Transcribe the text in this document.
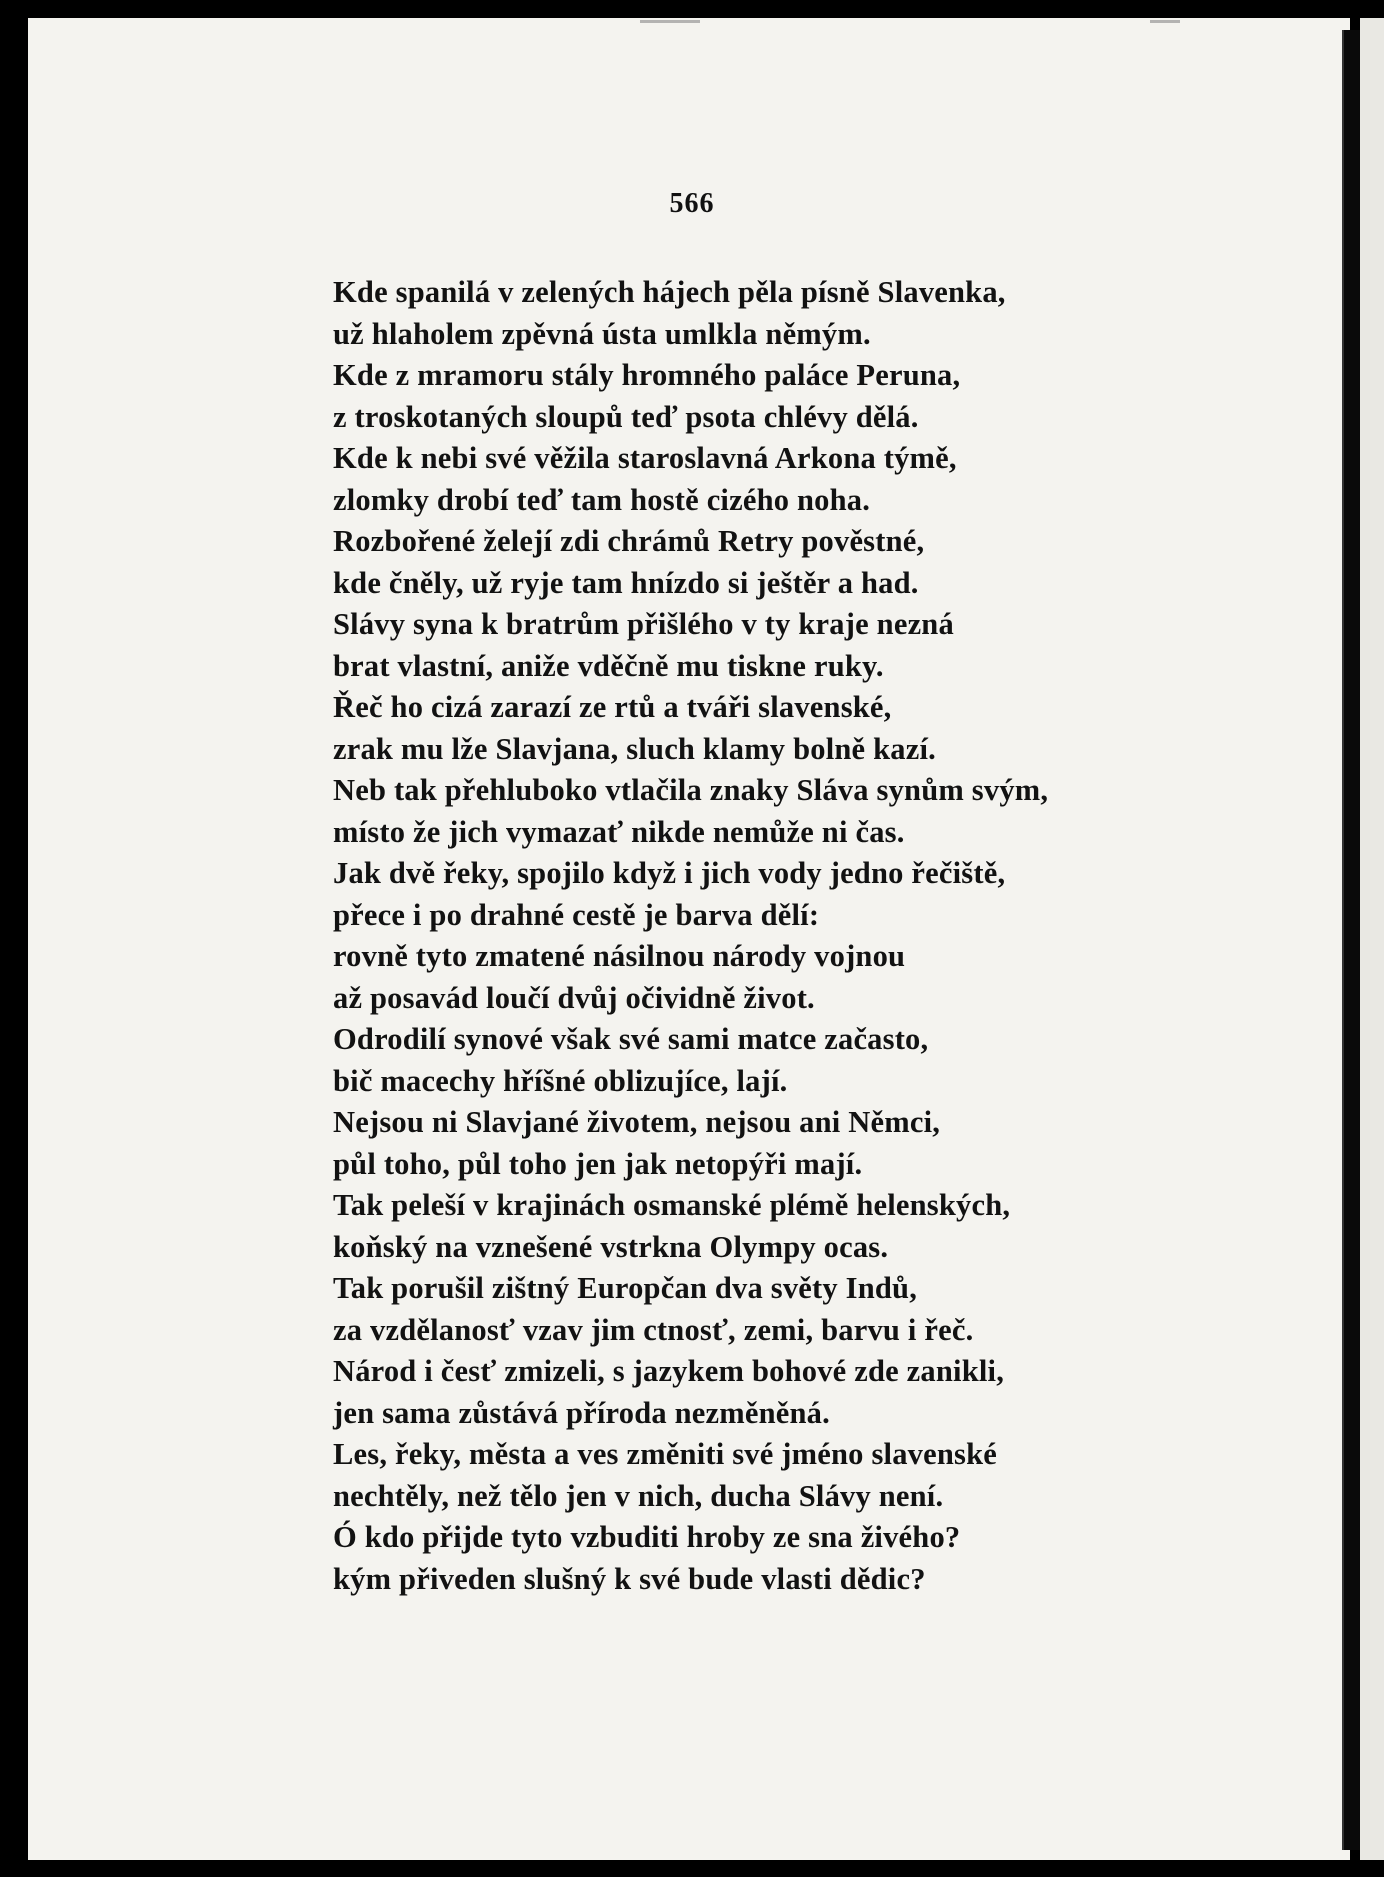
566
Kde spanilá v zelených hájech pěla písně Slavenka,
už hlaholem zpěvná ústa umlkla němým.
Kde z mramoru stály hromného paláce Peruna,
z troskotaných sloupů teď psota chlévy dělá.
Kde k nebi své věžila staroslavná Arkona týmě,
zlomky drobí teď tam hostě cizého noha.
Rozbořené želejí zdi chrámů Retry pověstné,
kde čněly, už ryje tam hnízdo si ještěr a had.
Slávy syna k bratrům přišlého v ty kraje nezná
brat vlastní, aniže vděčně mu tiskne ruky.
Řeč ho cizá zarazí ze rtů a tváři slavenské,
zrak mu lže Slavjana, sluch klamy bolně kazí.
Neb tak přehluboko vtlačila znaky Sláva synům svým,
místo že jich vymazať nikde nemůže ni čas.
Jak dvě řeky, spojilo když i jich vody jedno řečiště,
přece i po drahné cestě je barva dělí:
rovně tyto zmatené násilnou národy vojnou
až posavád loučí dvůj očividně život.
Odrodilí synové však své sami matce začasto,
bič macechy hříšné oblizujíce, lají.
Nejsou ni Slavjané životem, nejsou ani Němci,
půl toho, půl toho jen jak netopýři mají.
Tak peleší v krajinách osmanské plémě helenských,
koňský na vznešené vstrkna Olympy ocas.
Tak porušil zištný Europčan dva světy Indů,
za vzdělanosť vzav jim ctnosť, zemi, barvu i řeč.
Národ i česť zmizeli, s jazykem bohové zde zanikli,
jen sama zůstává příroda nezměněná.
Les, řeky, města a ves změniti své jméno slavenské
nechtěly, než tělo jen v nich, ducha Slávy není.
Ó kdo přijde tyto vzbuditi hroby ze sna živého?
kým přiveden slušný k své bude vlasti dědic?
